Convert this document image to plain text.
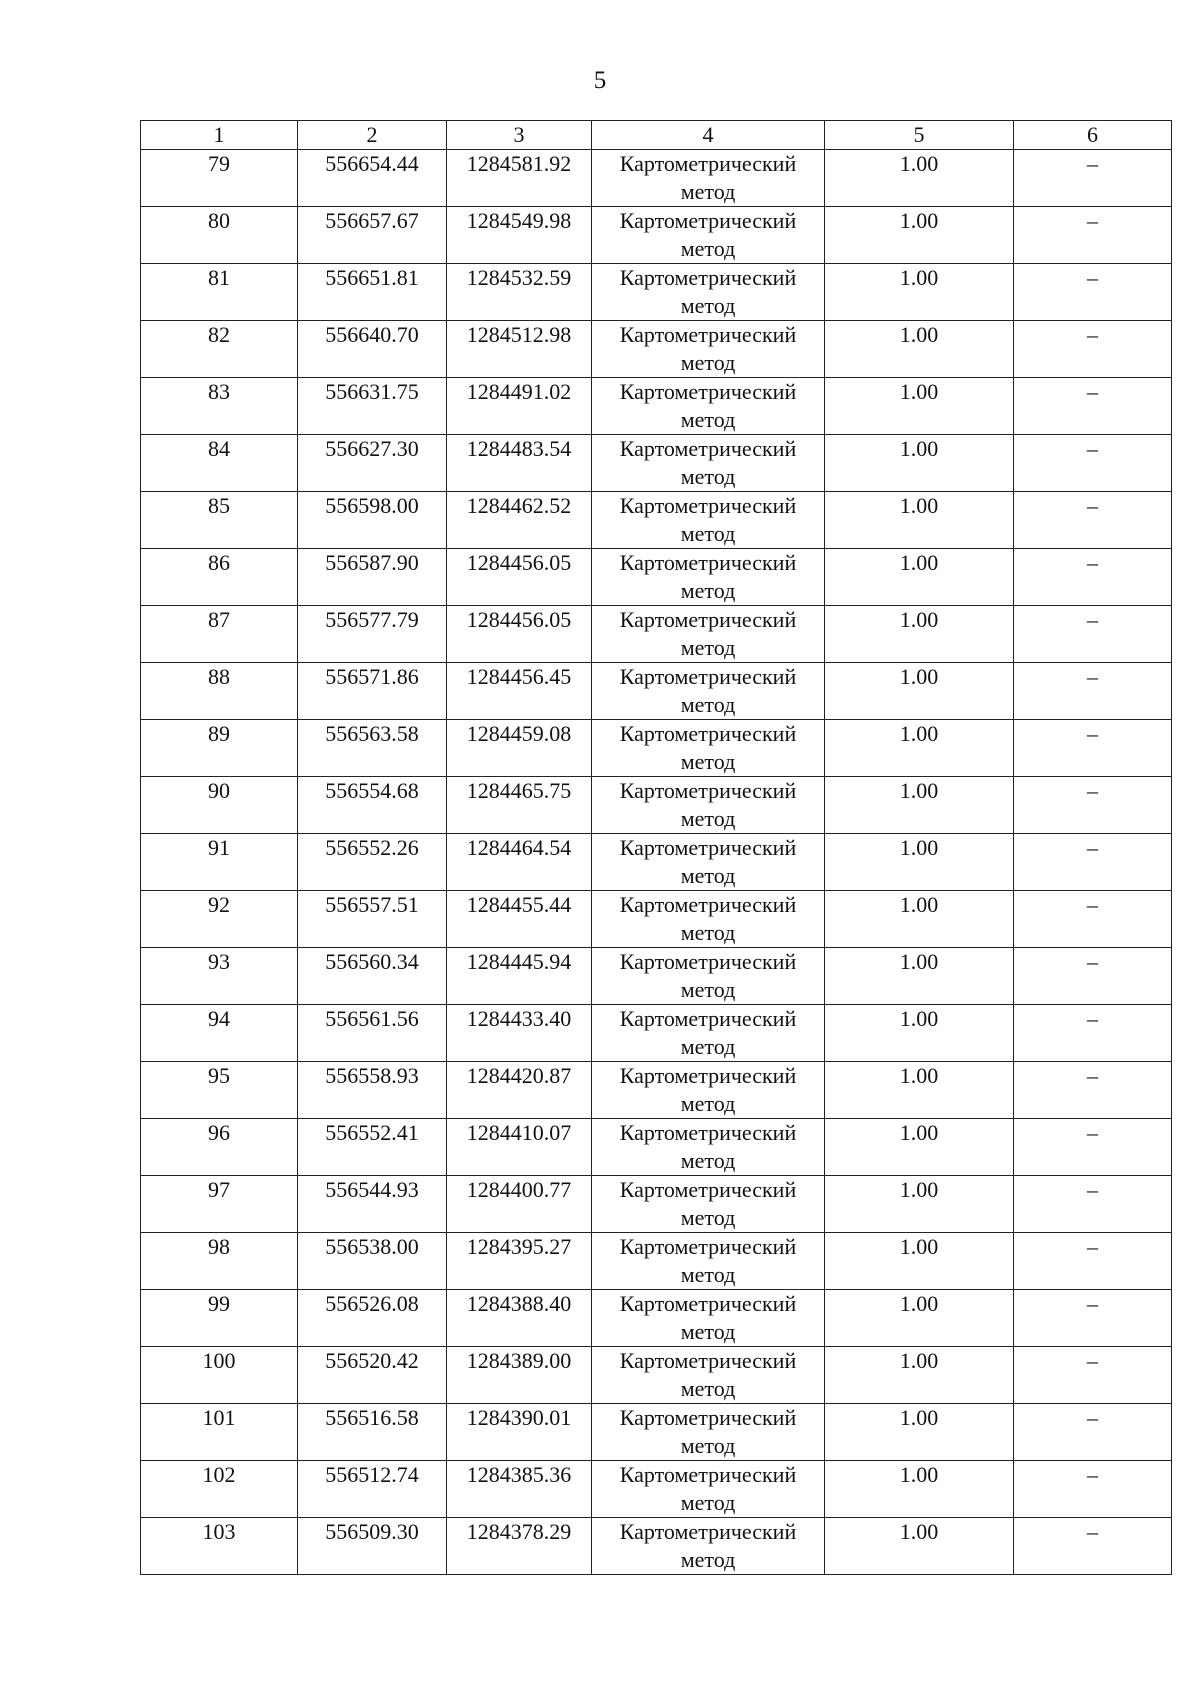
5
1	2	3	4	5	6
79	556654.44	1284581.92	Картометрический метод	1.00	–
80	556657.67	1284549.98	Картометрический метод	1.00	–
81	556651.81	1284532.59	Картометрический метод	1.00	–
82	556640.70	1284512.98	Картометрический метод	1.00	–
83	556631.75	1284491.02	Картометрический метод	1.00	–
84	556627.30	1284483.54	Картометрический метод	1.00	–
85	556598.00	1284462.52	Картометрический метод	1.00	–
86	556587.90	1284456.05	Картометрический метод	1.00	–
87	556577.79	1284456.05	Картометрический метод	1.00	–
88	556571.86	1284456.45	Картометрический метод	1.00	–
89	556563.58	1284459.08	Картометрический метод	1.00	–
90	556554.68	1284465.75	Картометрический метод	1.00	–
91	556552.26	1284464.54	Картометрический метод	1.00	–
92	556557.51	1284455.44	Картометрический метод	1.00	–
93	556560.34	1284445.94	Картометрический метод	1.00	–
94	556561.56	1284433.40	Картометрический метод	1.00	–
95	556558.93	1284420.87	Картометрический метод	1.00	–
96	556552.41	1284410.07	Картометрический метод	1.00	–
97	556544.93	1284400.77	Картометрический метод	1.00	–
98	556538.00	1284395.27	Картометрический метод	1.00	–
99	556526.08	1284388.40	Картометрический метод	1.00	–
100	556520.42	1284389.00	Картометрический метод	1.00	–
101	556516.58	1284390.01	Картометрический метод	1.00	–
102	556512.74	1284385.36	Картометрический метод	1.00	–
103	556509.30	1284378.29	Картометрический метод	1.00	–
